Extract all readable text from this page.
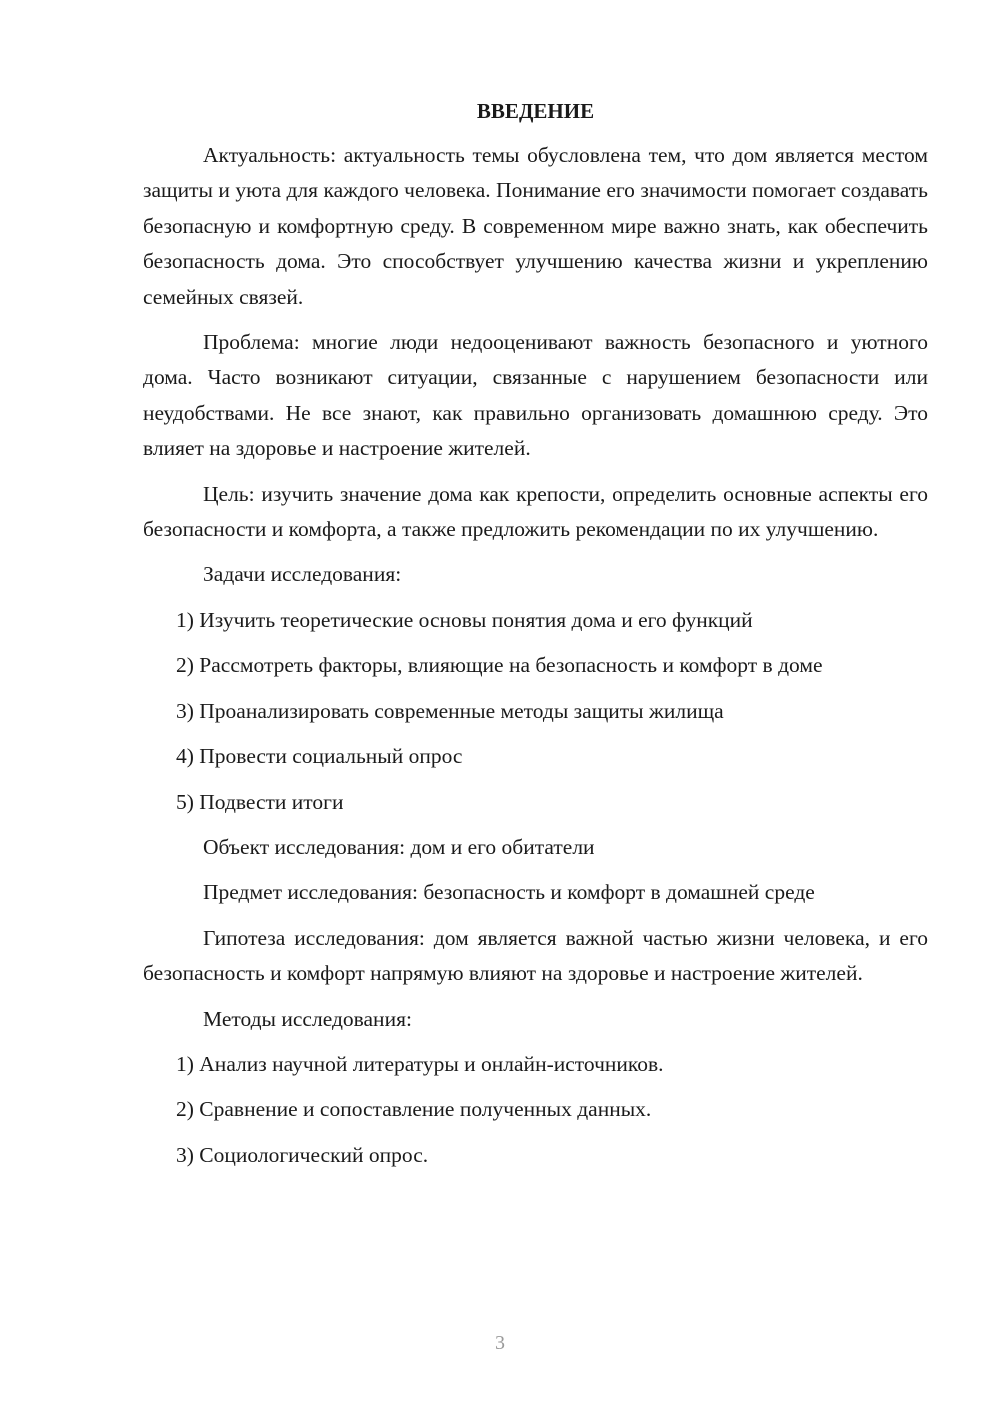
ВВЕДЕНИЕ

Актуальность: актуальность темы обусловлена тем, что дом является местом защиты и уюта для каждого человека. Понимание его значимости помогает создавать безопасную и комфортную среду. В современном мире важно знать, как обеспечить безопасность дома. Это способствует улучшению качества жизни и укреплению семейных связей.

Проблема: многие люди недооценивают важность безопасного и уютного дома. Часто возникают ситуации, связанные с нарушением безопасности или неудобствами. Не все знают, как правильно организовать домашнюю среду. Это влияет на здоровье и настроение жителей.

Цель: изучить значение дома как крепости, определить основные аспекты его безопасности и комфорта, а также предложить рекомендации по их улучшению.

Задачи исследования:
1) Изучить теоретические основы понятия дома и его функций
2) Рассмотреть факторы, влияющие на безопасность и комфорт в доме
3) Проанализировать современные методы защиты жилища
4) Провести социальный опрос
5) Подвести итоги
Объект исследования: дом и его обитатели
Предмет исследования: безопасность и комфорт в домашней среде

Гипотеза исследования: дом является важной частью жизни человека, и его безопасность и комфорт напрямую влияют на здоровье и настроение жителей.

Методы исследования:
1) Анализ научной литературы и онлайн-источников.
2) Сравнение и сопоставление полученных данных.
3) Социологический опрос.
3
